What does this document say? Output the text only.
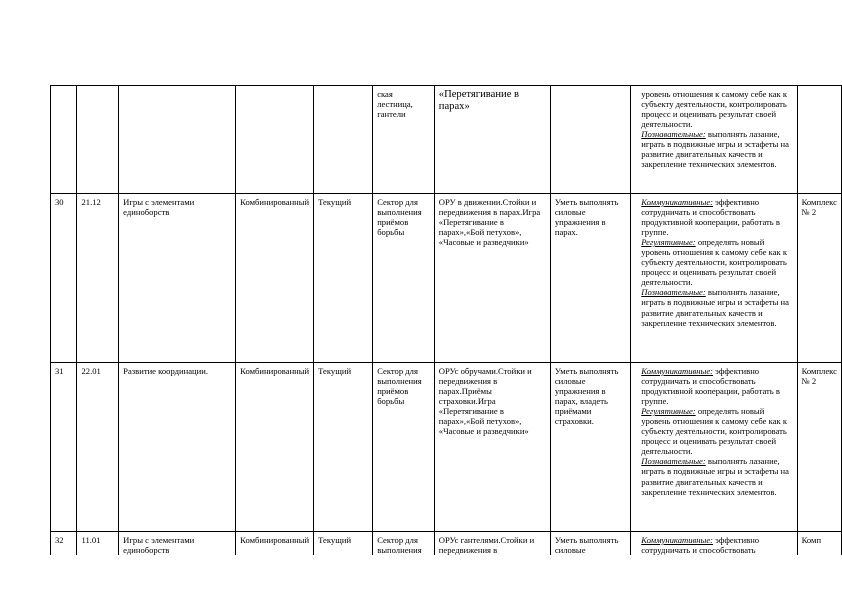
					ская лестница, гантели	«Перетягивание в парах»		уровень отношения к самому себе как к субъекту деятельности, контролировать процесс и оценивать результат своей деятельности.
Познавательные: выполнять лазание, играть в подвижные игры и эстафеты на развитие двигательных качеств и закрепление технических элементов.	
30	21.12	Игры с элементами единоборств	Комбинированный	Текущий	Сектор для выполнения приёмов борьбы	ОРУ в движении.Стойки и передвижения в парах.Игра «Перетягивание в парах»,«Бой петухов», «Часовые и разведчики»	Уметь выполнять силовые упражнения в парах.	Коммуникативные: эффективно сотрудничать и способствовать продуктивной кооперации, работать в группе.
Регулятивные: определять новый уровень отношения к самому себе как к субъекту деятельности, контролировать процесс и оценивать результат своей деятельности.
Познавательные: выполнять лазание, играть в подвижные игры и эстафеты на развитие двигательных качеств и закрепление технических элементов.	Комплекс № 2
31	22.01	Развитие координации.	Комбинированный	Текущий	Сектор для выполнения приёмов борьбы	ОРУс обручами.Стойки и передвижения в парах.Приёмы страховки.Игра «Перетягивание в парах»,«Бой петухов», «Часовые и разведчики»	Уметь выполнять силовые упражнения в парах, владеть приёмами страховки.	Коммуникативные: эффективно сотрудничать и способствовать продуктивной кооперации, работать в группе.
Регулятивные: определять новый уровень отношения к самому себе как к субъекту деятельности, контролировать процесс и оценивать результат своей деятельности.
Познавательные: выполнять лазание, играть в подвижные игры и эстафеты на развитие двигательных качеств и закрепление технических элементов.	Комплекс № 2
32	11.01	Игры с элементами единоборств	Комбинированный	Текущий	Сектор для выполнения	ОРУс гантелями.Стойки и передвижения в	Уметь выполнять силовые	Коммуникативные: эффективно сотрудничать и способствовать	Комп
